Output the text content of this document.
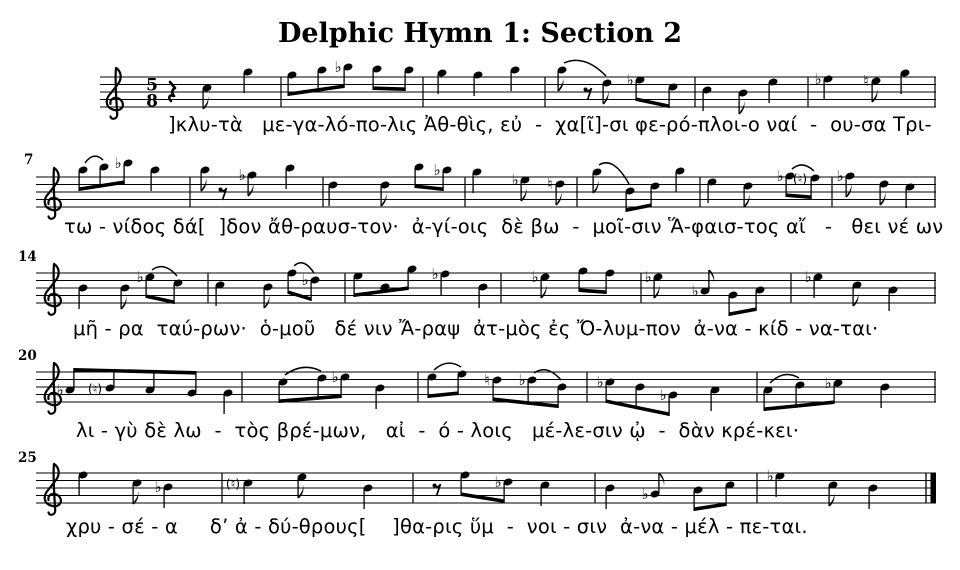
Delphic Hymn 1: Section 2
5
8
♭
♭	♭	♮
♭
♭	♭
♭ ♮	♭ (♮) ♭
♭	♭	♭	♭	♭
♭
♭
♭ (♮)
♭	♮ ♭	♭
♭
♭
♭	(♮)	♭
♭
♭
]κλυ-τὰ   με-γα-λό-πο-λις Ἀθ-θὶς, εὐ  -  χα[ῖ]-σι φε-ρό-πλοι-ο ναί  -  ου-σα Τρι-
τω - νίδος δά[  ]δον ἄθ-ραυσ-τον·  ἀ-γί-οις  δὲ βω  -  μοῖ-σιν Ἅ-φαισ-τος αἴ   -   θει νέ ων
μῆ - ρα  ταύ-ρων·  ὁ-μοῦ   δέ νιν Ἄ-ραψ  ἀτ-μὸς ἐς Ὄ-λυμ-πον  ἀ-να - κίδ - να-ται·
λι - γὺ δὲ λω  -  τὸς βρέ-μων,   αἰ  -  ό - λοις   μέ-λε-σιν ᾠ  -  δὰν κρέ-κει·
χρυ - σέ - α     δ’ ἀ - δύ-θρους[    ]θα-ρις ὕμ  -  νοι - σιν  ἀ-να - μέλ - πε-ται.
7
14
20
25
